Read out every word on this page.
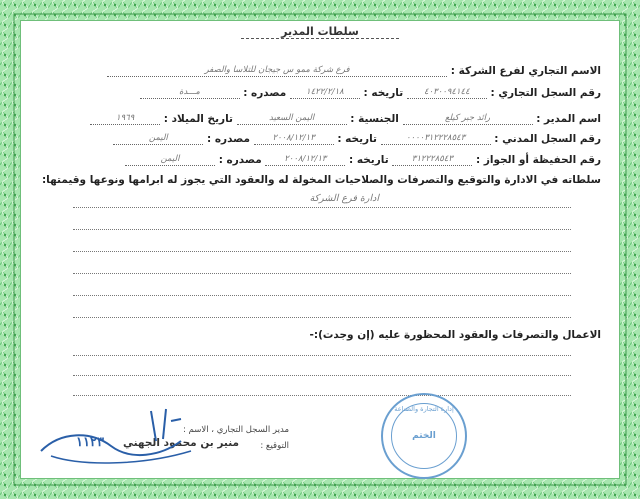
سلطات المدير
الاسم التجاري لفرع الشركة : فرع شركة ممو س جيجان للتلاسا والصفر
رقم السجل التجاري : ٤٠٣٠٠٩٤١٤٤ تاريخه : ١٤٢٢/٢/١٨ مصدره : مـــدة
اسم المدير : رائد جبر كيلع الجنسية : اليمن السعيد تاريخ الميلاد : ١٩٦٩
رقم السجل المدني : ٠٠٠٠٣١٢٢٢٨٥٤٣ تاريخه : ٢٠٠٨/١٢/١٣ مصدره : اليمن
رقم الحفيظة أو الجواز : ٣١٢٢٢٨٥٤٣ تاريخه : ٢٠٠٨/١٢/١٣ مصدره : اليمن
سلطاته في الادارة والتوقيع والتصرفات والصلاحيات المخولة له والعقود التي يجوز له ابرامها ونوعها وقيمتها:
ادارة فرع الشركة
الاعمال والتصرفات والعقود المحظورة عليه (إن وجدت):-
مدير السجل التجاري ، الاسم :
التوقيع :
منير بن محمود الجهني
١١٢٣
إدارة التجارة والصناعة
الختم
